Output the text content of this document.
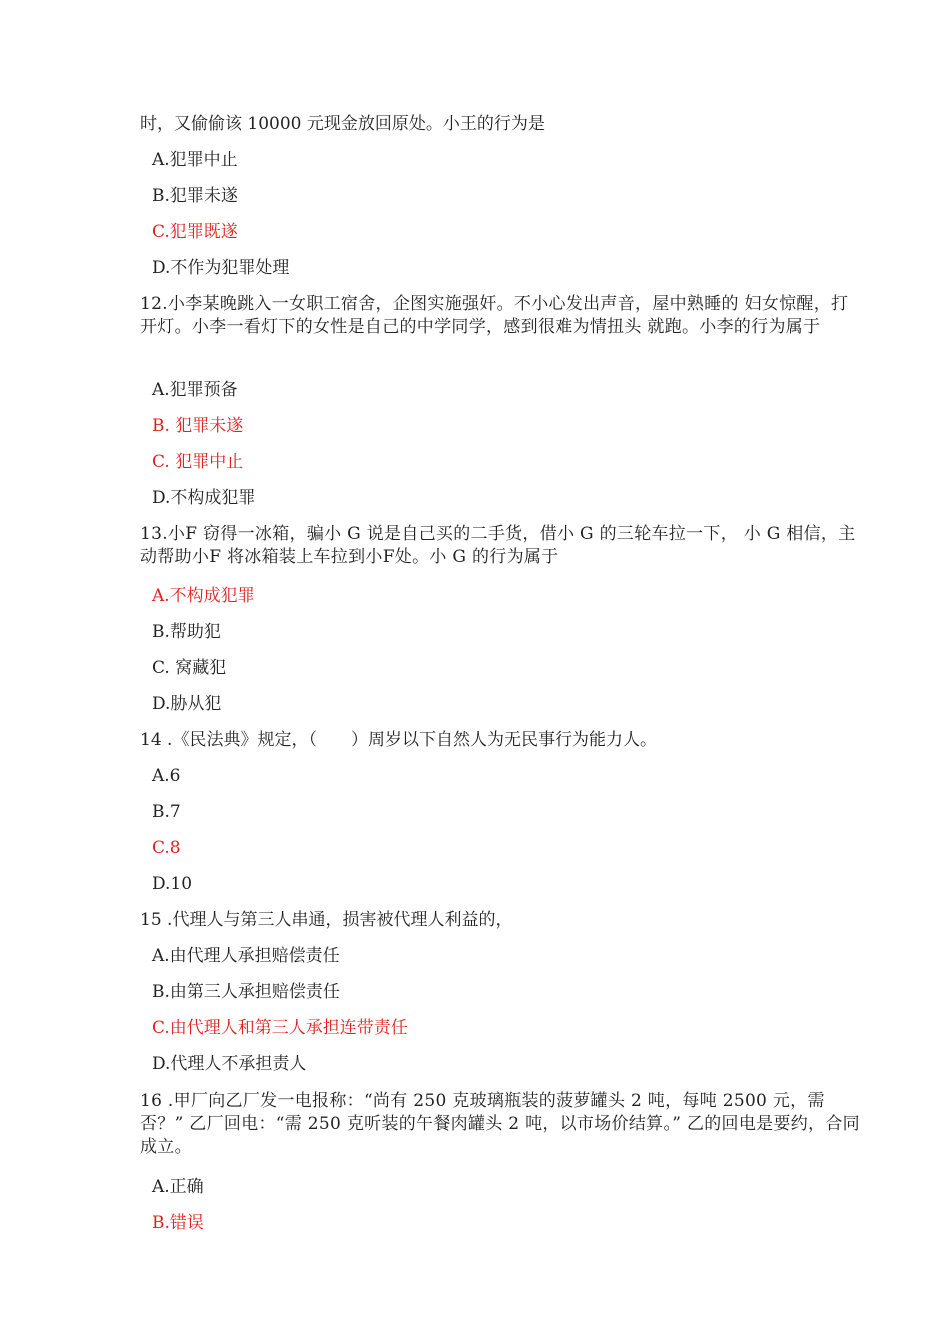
时，又偷偷该 10000 元现金放回原处。小王的行为是
A.犯罪中止
B.犯罪未遂
C.犯罪既遂
D.不作为犯罪处理
12.小李某晚跳入一女职工宿舍，企图实施强奸。不小心发出声音，屋中熟睡的 妇女惊醒，打开灯。小李一看灯下的女性是自己的中学同学，感到很难为情扭头 就跑。小李的行为属于
A.犯罪预备
B. 犯罪未遂
C. 犯罪中止
D.不构成犯罪
13.小F 窃得一冰箱，骗小 G 说是自己买的二手货，借小 G 的三轮车拉一下， 小 G 相信，主动帮助小F 将冰箱装上车拉到小F处。小 G 的行为属于
A.不构成犯罪
B.帮助犯
C. 窝藏犯
D.胁从犯
14 .《民法典》规定，（　　）周岁以下自然人为无民事行为能力人。
A.6
B.7
C.8
D.10
15 .代理人与第三人串通，损害被代理人利益的，
A.由代理人承担赔偿责任
B.由第三人承担赔偿责任
C.由代理人和第三人承担连带责任
D.代理人不承担责人
16 .甲厂向乙厂发一电报称：“尚有 250 克玻璃瓶装的菠萝罐头 2 吨，每吨 2500 元，需否？” 乙厂回电：“需 250 克听装的午餐肉罐头 2 吨，以市场价结算。” 乙的回电是要约，合同成立。
A.正确
B.错误
